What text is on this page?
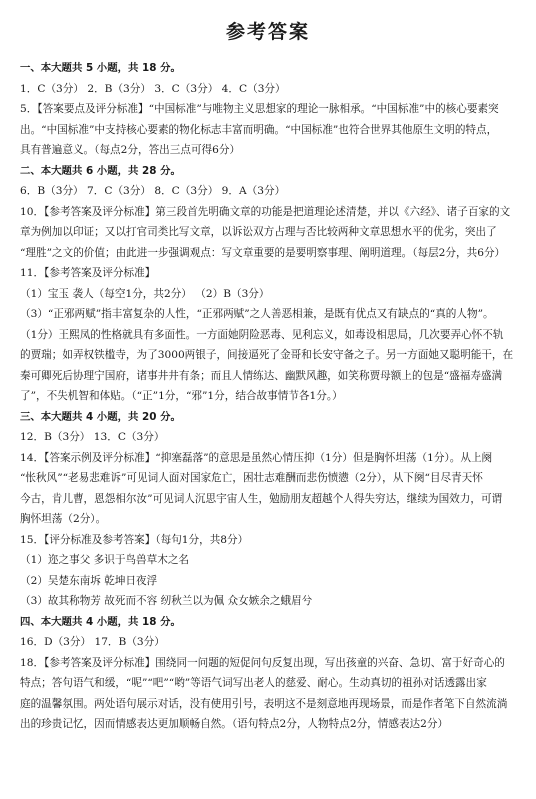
参考答案
一、本大题共 5 小题，共 18 分。
1．C（3分） 2．B（3分） 3．C（3分） 4．C（3分）
5．【答案要点及评分标准】“中国标准”与唯物主义思想家的理论一脉相承。“中国标准”中的核心要素突
出。“中国标准”中支持核心要素的物化标志丰富而明确。“中国标准”也符合世界其他原生文明的特点，
具有普遍意义。（每点2分，答出三点可得6分）
二、本大题共 6 小题，共 28 分。
6．B（3分） 7．C（3分） 8．C（3分） 9．A（3分）
10．【参考答案及评分标准】第三段首先明确文章的功能是把道理论述清楚，并以《六经》、诸子百家的文
章为例加以印证；又以打官司类比写文章，以诉讼双方占理与否比较两种文章思想水平的优劣，突出了
“理胜”之文的价值；由此进一步强调观点：写文章重要的是要明察事理、阐明道理。（每层2分，共6分）
11．【参考答案及评分标准】
（1）宝玉 袭人（每空1分，共2分） （2）B（3分）
（3）“正邪两赋”指丰富复杂的人性，“正邪两赋”之人善恶相兼，是既有优点又有缺点的“真的人物”。
（1分）王熙凤的性格就具有多面性。一方面她阴险恶毒、见利忘义，如毒设相思局，几次要弄心怀不轨
的贾瑞；如弄权铁槛寺，为了3000两银子，间接逼死了金哥和长安守备之子。另一方面她又聪明能干，在
秦可卿死后协理宁国府，诸事井井有条；而且人情练达、幽默风趣，如笑称贾母额上的包是“盛福寿盛满
了”，不失机智和体贴。（“正”1分，“邪”1分，结合故事情节各1分。）
三、本大题共 4 小题，共 20 分。
12．B（3分） 13．C（3分）
14．【答案示例及评分标准】“抑塞磊落”的意思是虽然心情压抑（1分）但是胸怀坦荡（1分）。从上阕
“怅秋风”“老易悲难诉”可见词人面对国家危亡，困壮志难酬而悲伤愤懑（2分），从下阕“目尽青天怀
今古，肯儿曹，恩怨相尔汝”可见词人沉思宇宙人生，勉励朋友超越个人得失穷达，继续为国效力，可谓
胸怀坦荡（2分）。
15．【评分标准及参考答案】（每句1分，共8分）
（1）迩之事父 多识于鸟兽草木之名
（2）吴楚东南坼 乾坤日夜浮
（3）故其称物芳 故死而不容 纫秋兰以为佩 众女嫉余之蛾眉兮
四、本大题共 4 小题，共 18 分。
16．D（3分） 17．B（3分）
18．【参考答案及评分标准】围绕同一问题的短促问句反复出现，写出孩童的兴奋、急切、富于好奇心的
特点；答句语气和缓，“呢”“吧”“哟”等语气词写出老人的慈爱、耐心。生动真切的祖孙对话透露出家
庭的温馨氛围。两处语句展示对话，没有使用引号，表明这不是刻意地再现场景，而是作者笔下自然流淌
出的珍贵记忆，因而情感表达更加顺畅自然。（语句特点2分，人物特点2分，情感表达2分）
